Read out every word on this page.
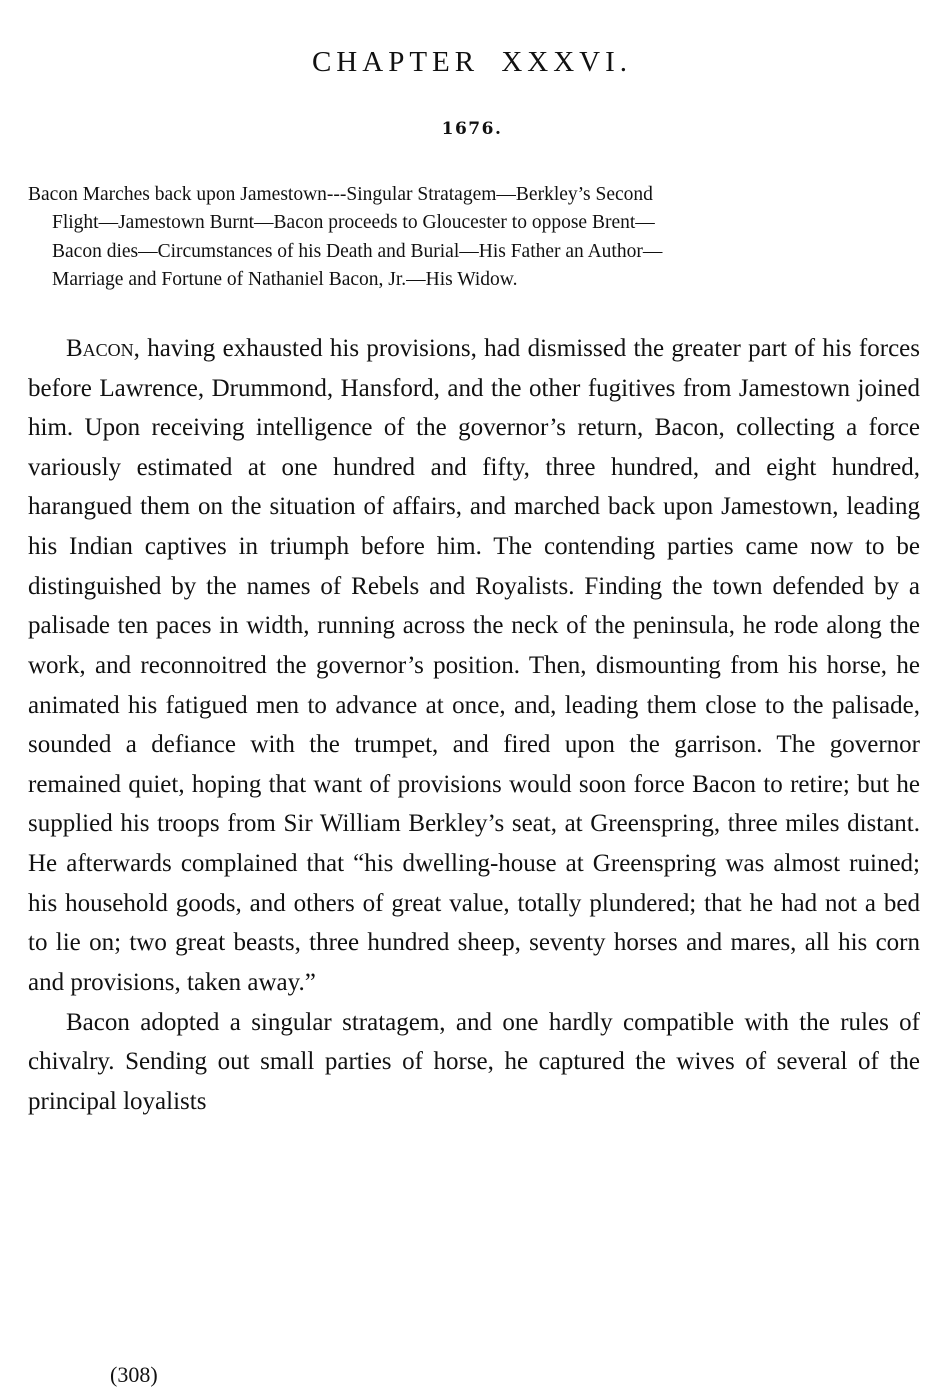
CHAPTER XXXVI.
1676.
Bacon Marches back upon Jamestown---Singular Stratagem—Berkley’s Second
Flight—Jamestown Burnt—Bacon proceeds to Gloucester to oppose Brent—
Bacon dies—Circumstances of his Death and Burial—His Father an Author—
Marriage and Fortune of Nathaniel Bacon, Jr.—His Widow.

Bacon, having exhausted his provisions, had dismissed the greater part of his forces before Lawrence, Drummond, Hansford, and the other fugitives from Jamestown joined him. Upon receiving intelligence of the governor’s return, Bacon, collecting a force variously estimated at one hundred and fifty, three hundred, and eight hundred, harangued them on the situation of affairs, and marched back upon Jamestown, leading his Indian captives in triumph before him. The contending parties came now to be distinguished by the names of Rebels and Royalists. Finding the town defended by a palisade ten paces in width, running across the neck of the peninsula, he rode along the work, and reconnoitred the governor’s position. Then, dismounting from his horse, he animated his fatigued men to advance at once, and, leading them close to the palisade, sounded a defiance with the trumpet, and fired upon the garrison. The governor remained quiet, hoping that want of provisions would soon force Bacon to retire; but he supplied his troops from Sir William Berkley’s seat, at Greenspring, three miles distant. He afterwards complained that “his dwelling-house at Greenspring was almost ruined; his household goods, and others of great value, totally plundered; that he had not a bed to lie on; two great beasts, three hundred sheep, seventy horses and mares, all his corn and provisions, taken away.”

Bacon adopted a singular stratagem, and one hardly compatible with the rules of chivalry. Sending out small parties of horse, he captured the wives of several of the principal loyalists

(308)
